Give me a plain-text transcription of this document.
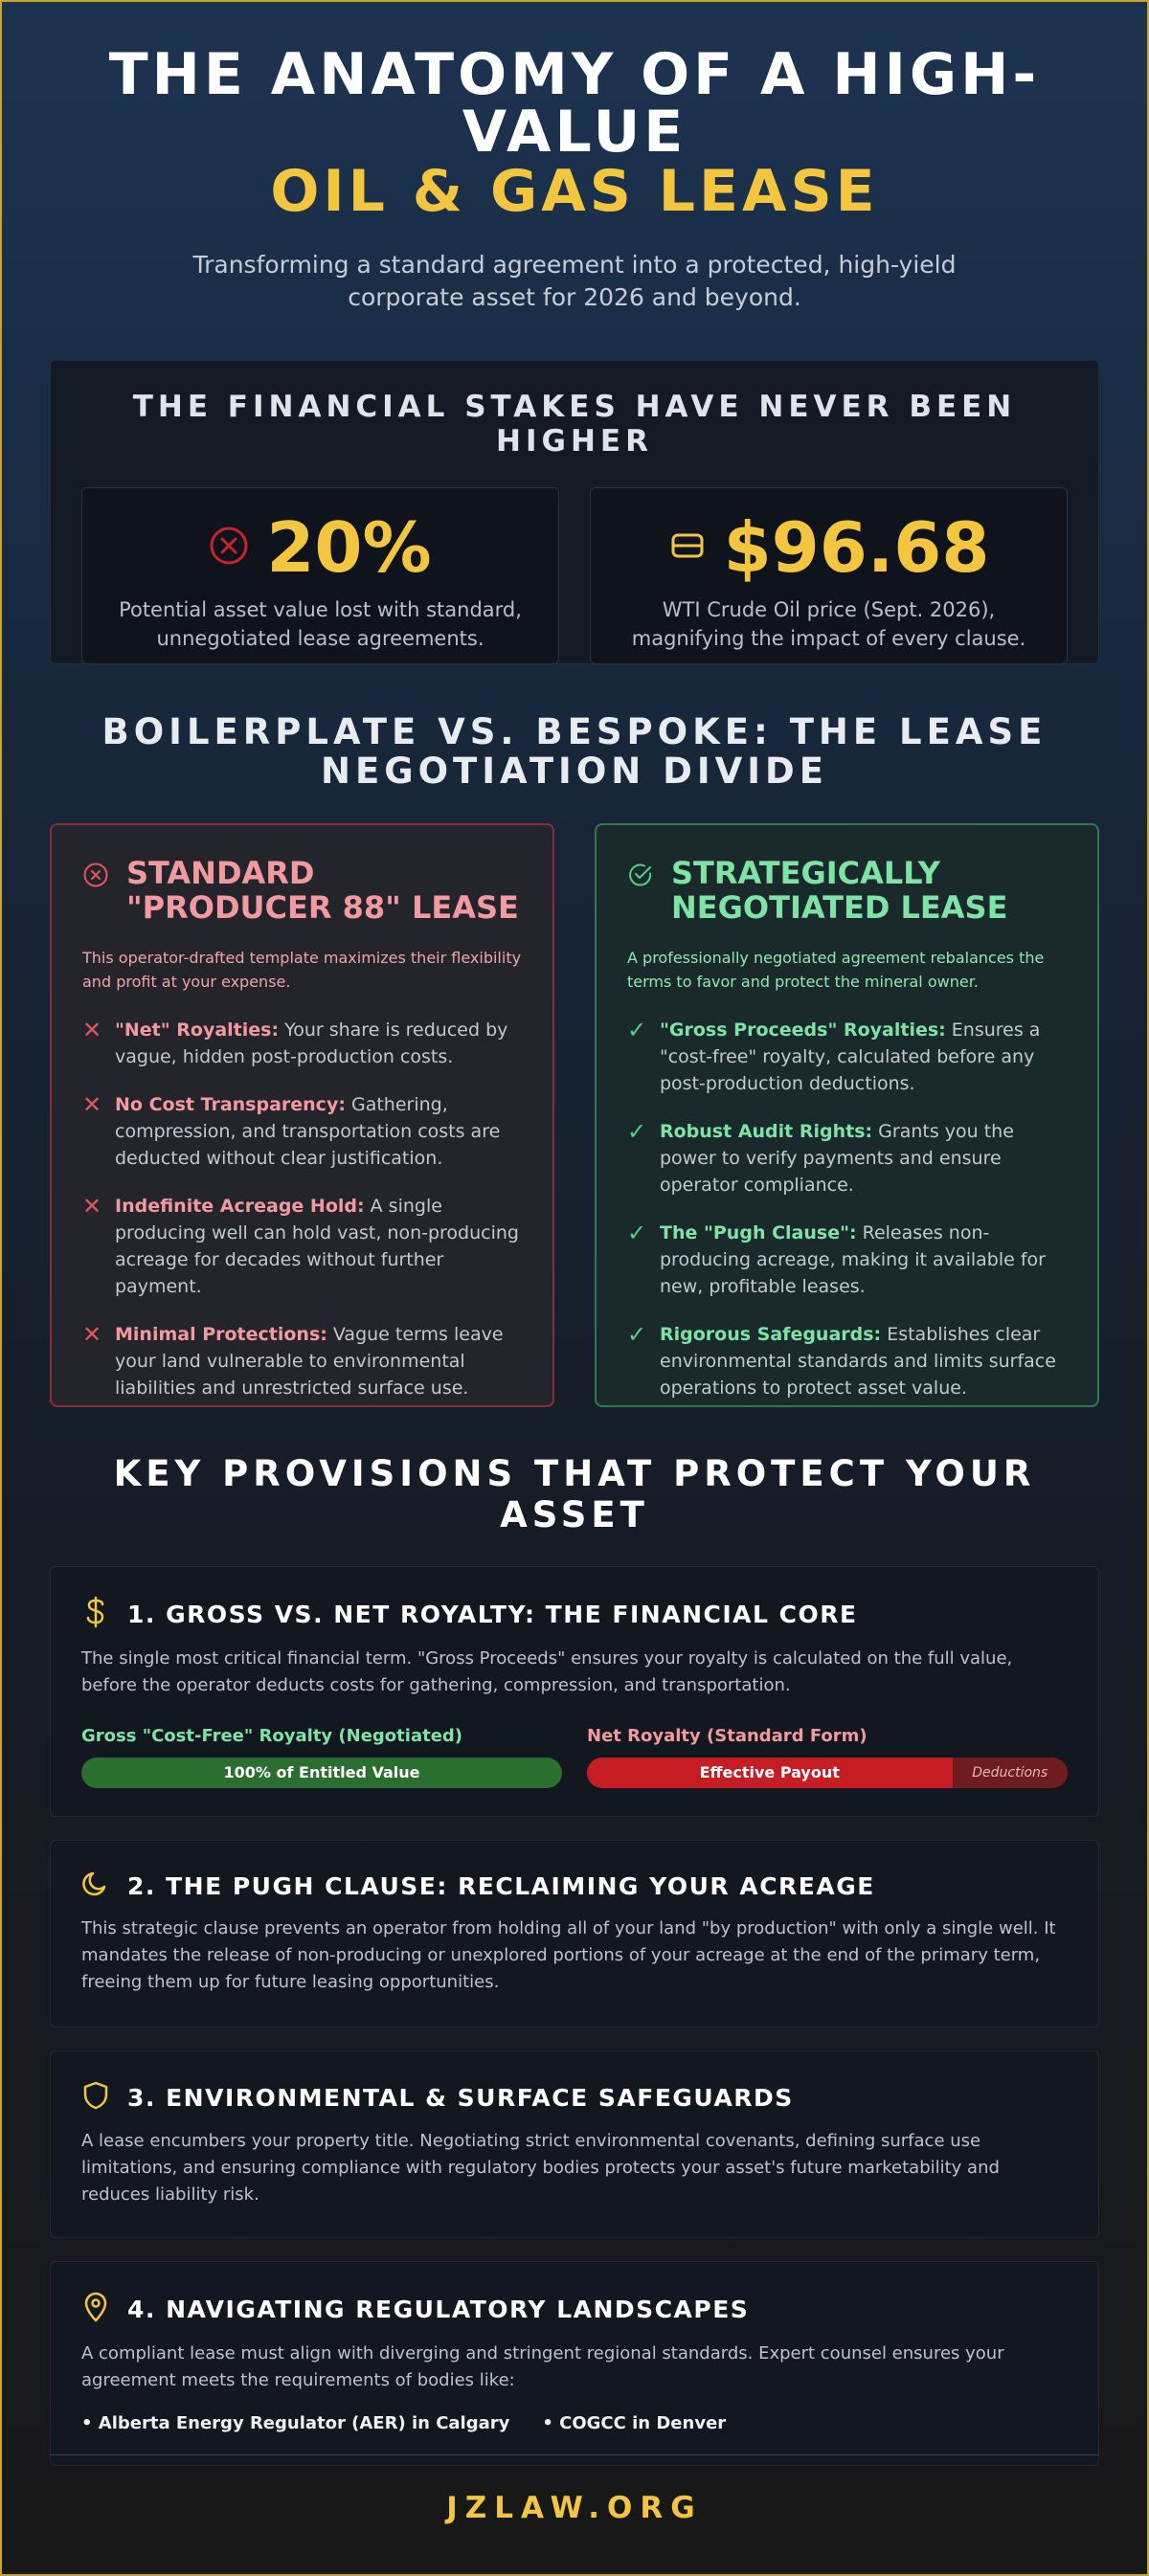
THE ANATOMY OF A HIGH-VALUE
OIL & GAS LEASE

Transforming a standard agreement into a protected, high-yield corporate asset for 2026 and beyond.

THE FINANCIAL STAKES HAVE NEVER BEEN HIGHER
20%

Potential asset value lost with standard, unnegotiated lease agreements.

$96.68

WTI Crude Oil price (Sept. 2026), magnifying the impact of every clause.

BOILERPLATE VS. BESPOKE: THE LEASE NEGOTIATION DIVIDE
STANDARD "PRODUCER 88" LEASE

This operator-drafted template maximizes their flexibility and profit at your expense.

✕ "Net" Royalties: Your share is reduced by vague, hidden post-production costs.
✕ No Cost Transparency: Gathering, compression, and transportation costs are deducted without clear justification.
✕ Indefinite Acreage Hold: A single producing well can hold vast, non-producing acreage for decades without further payment.
✕ Minimal Protections: Vague terms leave your land vulnerable to environmental liabilities and unrestricted surface use.
STRATEGICALLY NEGOTIATED LEASE

A professionally negotiated agreement rebalances the terms to favor and protect the mineral owner.

✓ "Gross Proceeds" Royalties: Ensures a "cost-free" royalty, calculated before any post-production deductions.
✓ Robust Audit Rights: Grants you the power to verify payments and ensure operator compliance.
✓ The "Pugh Clause": Releases non-producing acreage, making it available for new, profitable leases.
✓ Rigorous Safeguards: Establishes clear environmental standards and limits surface operations to protect asset value.
KEY PROVISIONS THAT PROTECT YOUR ASSET
1. GROSS VS. NET ROYALTY: THE FINANCIAL CORE

The single most critical financial term. "Gross Proceeds" ensures your royalty is calculated on the full value, before the operator deducts costs for gathering, compression, and transportation.

Gross "Cost-Free" Royalty (Negotiated)
100% of Entitled Value
Net Royalty (Standard Form)
Effective Payout	Deductions
2. THE PUGH CLAUSE: RECLAIMING YOUR ACREAGE

This strategic clause prevents an operator from holding all of your land "by production" with only a single well. It mandates the release of non-producing or unexplored portions of your acreage at the end of the primary term, freeing them up for future leasing opportunities.

3. ENVIRONMENTAL & SURFACE SAFEGUARDS

A lease encumbers your property title. Negotiating strict environmental covenants, defining surface use limitations, and ensuring compliance with regulatory bodies protects your asset's future marketability and reduces liability risk.

4. NAVIGATING REGULATORY LANDSCAPES

A compliant lease must align with diverging and stringent regional standards. Expert counsel ensures your agreement meets the requirements of bodies like:

• Alberta Energy Regulator (AER) in Calgary • COGCC in Denver
JZLAW.ORG
